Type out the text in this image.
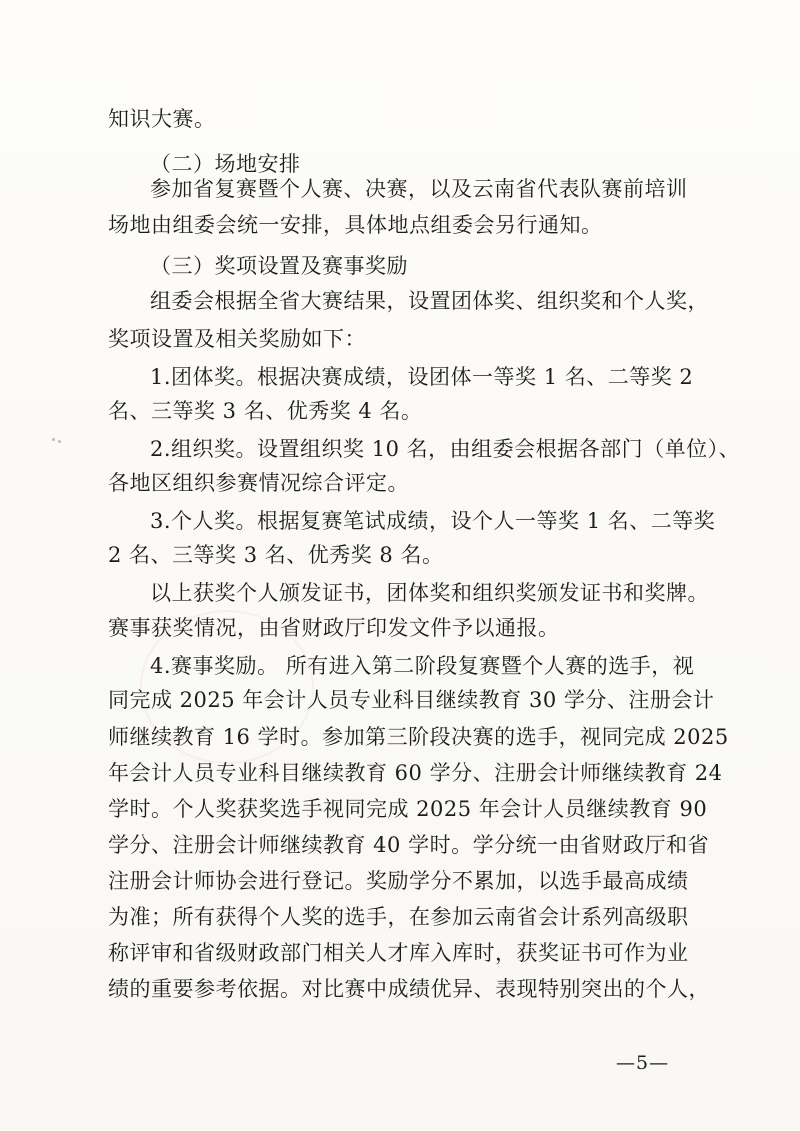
知识大赛。
（二）场地安排
参加省复赛暨个人赛、决赛，以及云南省代表队赛前培训
场地由组委会统一安排，具体地点组委会另行通知。
（三）奖项设置及赛事奖励
组委会根据全省大赛结果，设置团体奖、组织奖和个人奖，
奖项设置及相关奖励如下：
1.团体奖。根据决赛成绩，设团体一等奖 1 名、二等奖 2
名、三等奖 3 名、优秀奖 4 名。
2.组织奖。设置组织奖 10 名，由组委会根据各部门（单位）、
各地区组织参赛情况综合评定。
3.个人奖。根据复赛笔试成绩，设个人一等奖 1 名、二等奖
2 名、三等奖 3 名、优秀奖 8 名。
以上获奖个人颁发证书，团体奖和组织奖颁发证书和奖牌。
赛事获奖情况，由省财政厅印发文件予以通报。
4.赛事奖励。 所有进入第二阶段复赛暨个人赛的选手，视
同完成 2025 年会计人员专业科目继续教育 30 学分、注册会计
师继续教育 16 学时。参加第三阶段决赛的选手，视同完成 2025
年会计人员专业科目继续教育 60 学分、注册会计师继续教育 24
学时。个人奖获奖选手视同完成 2025 年会计人员继续教育 90
学分、注册会计师继续教育 40 学时。学分统一由省财政厅和省
注册会计师协会进行登记。奖励学分不累加，以选手最高成绩
为准；所有获得个人奖的选手，在参加云南省会计系列高级职
称评审和省级财政部门相关人才库入库时，获奖证书可作为业
绩的重要参考依据。对比赛中成绩优异、表现特别突出的个人，
—5—
